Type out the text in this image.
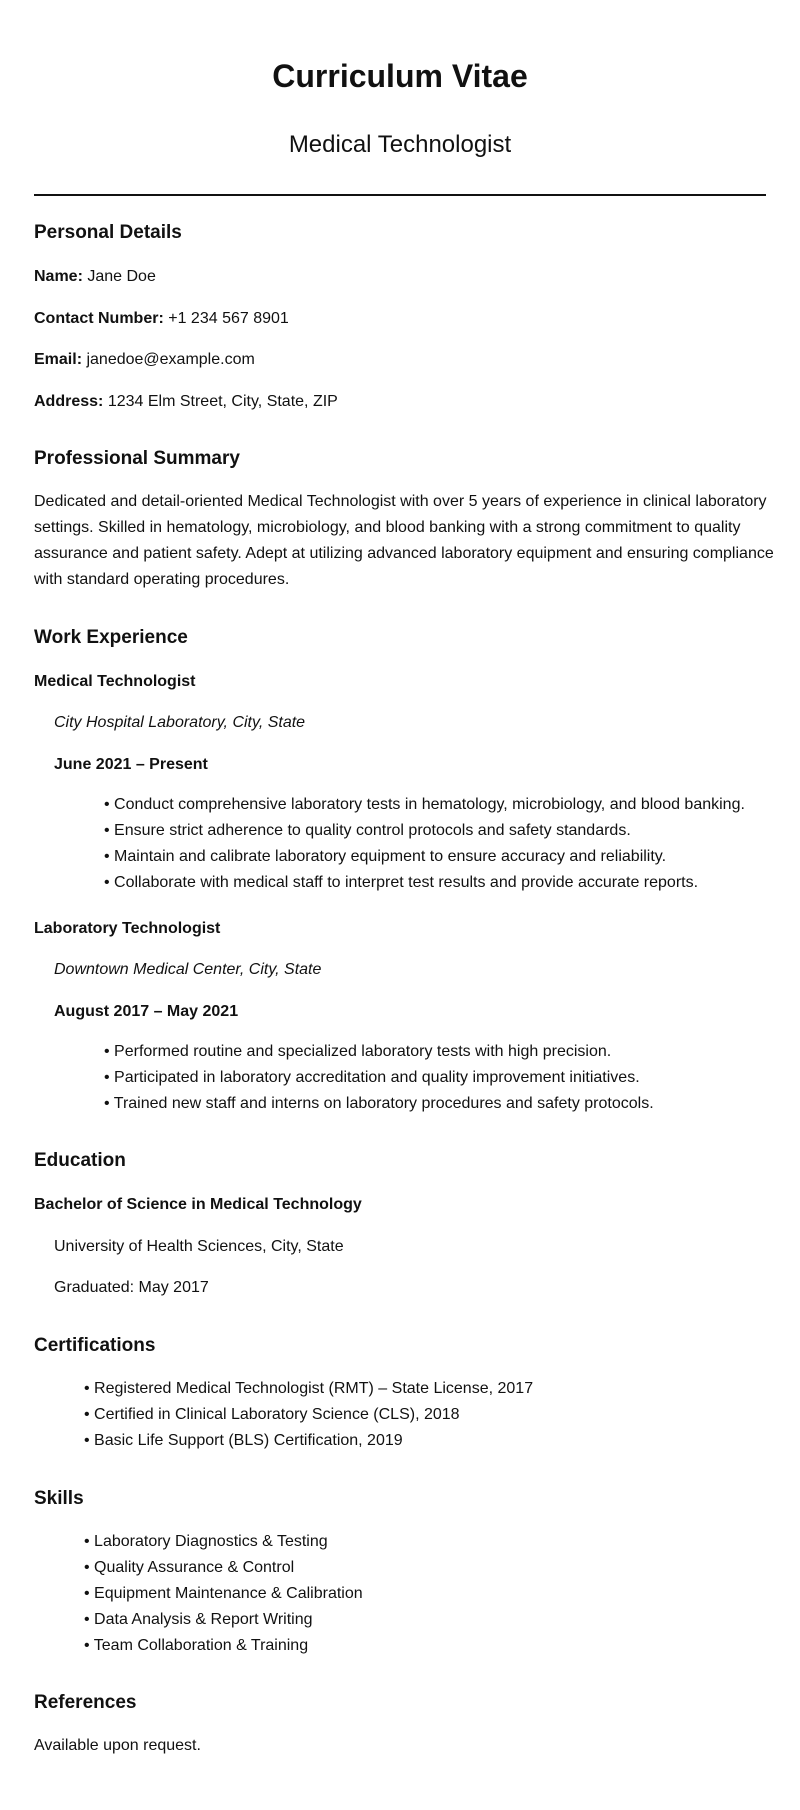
Curriculum Vitae
Medical Technologist
Personal Details
Name: Jane Doe
Contact Number: +1 234 567 8901
Email: janedoe@example.com
Address: 1234 Elm Street, City, State, ZIP
Professional Summary
Dedicated and detail-oriented Medical Technologist with over 5 years of experience in clinical laboratory settings. Skilled in hematology, microbiology, and blood banking with a strong commitment to quality assurance and patient safety. Adept at utilizing advanced laboratory equipment and ensuring compliance with standard operating procedures.
Work Experience
Medical Technologist
City Hospital Laboratory, City, State
June 2021 – Present
• Conduct comprehensive laboratory tests in hematology, microbiology, and blood banking.
• Ensure strict adherence to quality control protocols and safety standards.
• Maintain and calibrate laboratory equipment to ensure accuracy and reliability.
• Collaborate with medical staff to interpret test results and provide accurate reports.
Laboratory Technologist
Downtown Medical Center, City, State
August 2017 – May 2021
• Performed routine and specialized laboratory tests with high precision.
• Participated in laboratory accreditation and quality improvement initiatives.
• Trained new staff and interns on laboratory procedures and safety protocols.
Education
Bachelor of Science in Medical Technology
University of Health Sciences, City, State
Graduated: May 2017
Certifications
• Registered Medical Technologist (RMT) – State License, 2017
• Certified in Clinical Laboratory Science (CLS), 2018
• Basic Life Support (BLS) Certification, 2019
Skills
• Laboratory Diagnostics & Testing
• Quality Assurance & Control
• Equipment Maintenance & Calibration
• Data Analysis & Report Writing
• Team Collaboration & Training
References
Available upon request.
